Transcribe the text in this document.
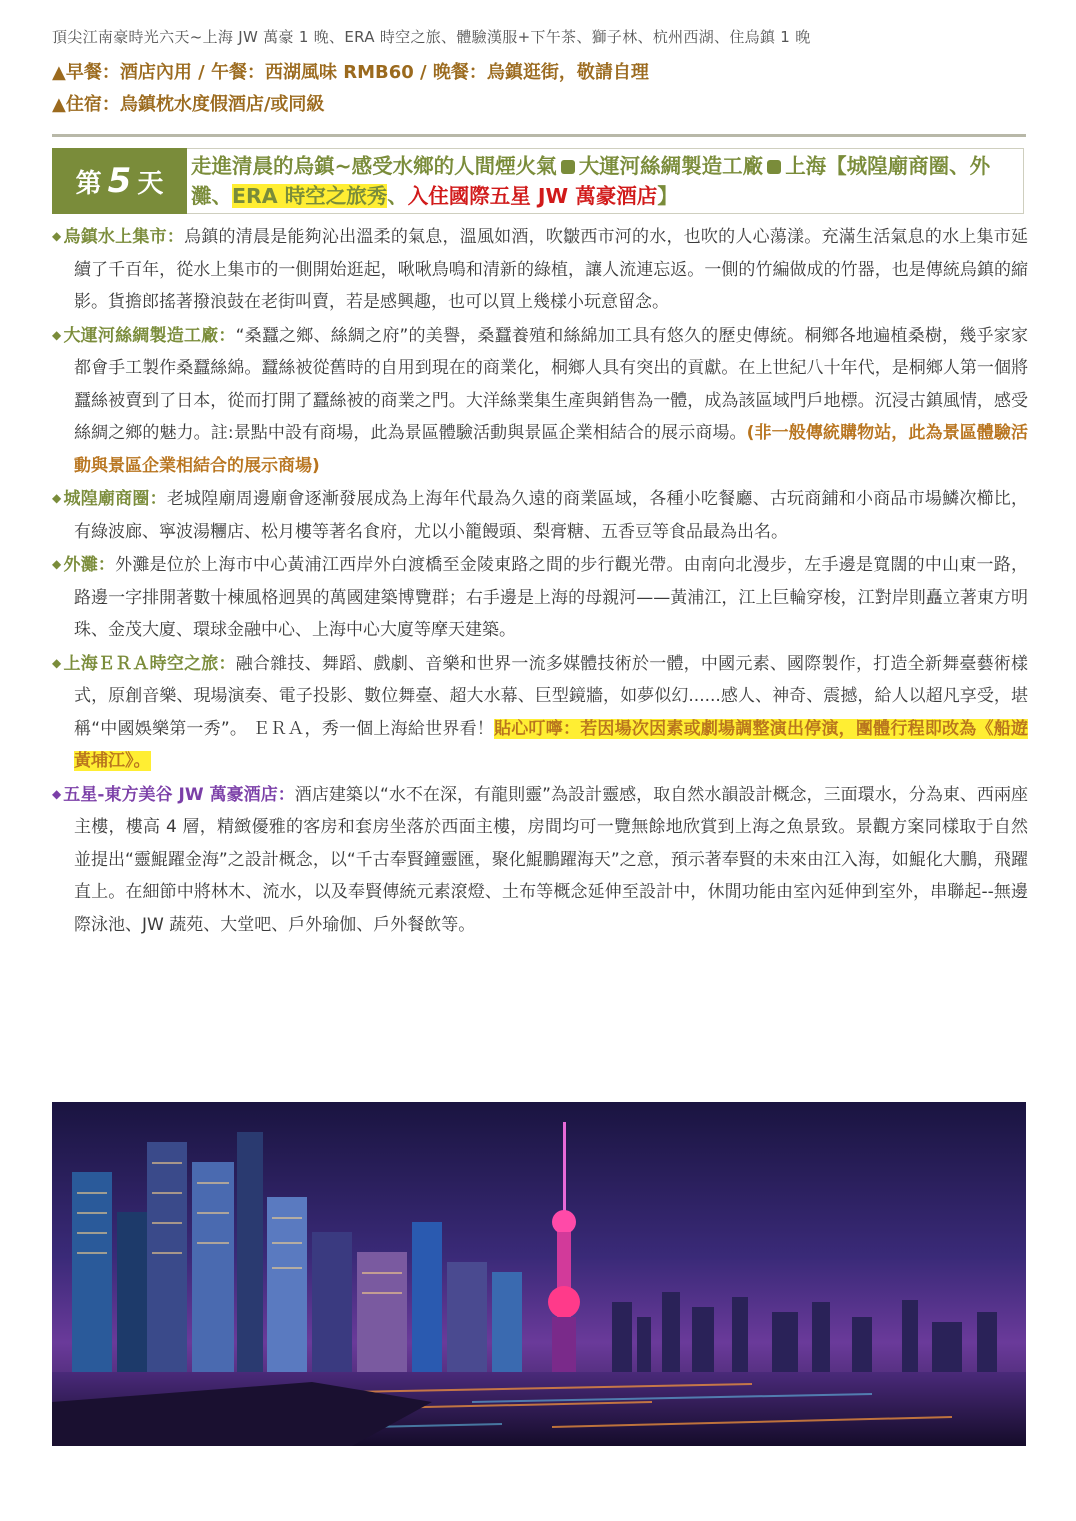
頂尖江南豪時光六天~上海 JW 萬豪 1 晚、ERA 時空之旅、體驗漢服+下午茶、獅子林、杭州西湖、住烏鎮 1 晚
▲早餐：酒店內用 / 午餐：西湖風味 RMB60 / 晚餐：烏鎮逛街，敬請自理
▲住宿：烏鎮枕水度假酒店/或同級
第 5 天
走進清晨的烏鎮~感受水鄉的人間煙火氣 大運河絲綢製造工廠 上海【城隍廟商圈、外灘、ERA 時空之旅秀、入住國際五星 JW 萬豪酒店】

◆ 烏鎮水上集市：烏鎮的清晨是能夠沁出溫柔的氣息，溫風如酒，吹皺西市河的水，也吹的人心蕩漾。充滿生活氣息的水上集市延續了千百年，從水上集市的一側開始逛起，啾啾鳥鳴和清新的綠植，讓人流連忘返。一側的竹編做成的竹器，也是傳統烏鎮的縮影。貨擔郎搖著撥浪鼓在老街叫賣，若是感興趣，也可以買上幾樣小玩意留念。

◆ 大運河絲綢製造工廠：“桑蠶之鄉、絲綢之府”的美譽，桑蠶養殖和絲綿加工具有悠久的歷史傳統。桐鄉各地遍植桑樹，幾乎家家都會手工製作桑蠶絲綿。蠶絲被從舊時的自用到現在的商業化，桐鄉人具有突出的貢獻。在上世紀八十年代，是桐鄉人第一個將蠶絲被賣到了日本，從而打開了蠶絲被的商業之門。大洋絲業集生產與銷售為一體，成為該區域門戶地標。沉浸古鎮風情，感受絲綢之鄉的魅力。註:景點中設有商場，此為景區體驗活動與景區企業相結合的展示商場。(非一般傳統購物站，此為景區體驗活動與景區企業相結合的展示商場)

◆ 城隍廟商圈：老城隍廟周邊廟會逐漸發展成為上海年代最為久遠的商業區域，各種小吃餐廳、古玩商鋪和小商品市場鱗次櫛比，有綠波廊、寧波湯糰店、松月樓等著名食府，尤以小籠饅頭、梨膏糖、五香豆等食品最為出名。

◆ 外灘：外灘是位於上海市中心黃浦江西岸外白渡橋至金陵東路之間的步行觀光帶。由南向北漫步，左手邊是寬闊的中山東一路，路邊一字排開著數十棟風格迥異的萬國建築博覽群；右手邊是上海的母親河——黃浦江，江上巨輪穿梭，江對岸則矗立著東方明珠、金茂大廈、環球金融中心、上海中心大廈等摩天建築。

◆ 上海ＥＲＡ時空之旅：融合雜技、舞蹈、戲劇、音樂和世界一流多媒體技術於一體，中國元素、國際製作，打造全新舞臺藝術樣式，原創音樂、現場演奏、電子投影、數位舞臺、超大水幕、巨型鏡牆，如夢似幻......感人、神奇、震撼，給人以超凡享受，堪稱“中國娛樂第一秀”。 ＥＲＡ，秀一個上海給世界看！貼心叮嚀：若因場次因素或劇場調整演出停演，團體行程即改為《船遊黃埔江》。

◆ 五星-東方美谷 JW 萬豪酒店：酒店建築以“水不在深，有龍則靈”為設計靈感，取自然水韻設計概念，三面環水，分為東、西兩座主樓，樓高 4 層，精緻優雅的客房和套房坐落於西面主樓，房間均可一覽無餘地欣賞到上海之魚景致。景觀方案同樣取于自然並提出“靈鯤躍金海”之設計概念，以“千古奉賢鐘靈匯，聚化鯤鵬躍海天”之意，預示著奉賢的未來由江入海，如鯤化大鵬，飛躍直上。在細節中將林木、流水，以及奉賢傳統元素滾燈、土布等概念延伸至設計中，休閒功能由室內延伸到室外，串聯起--無邊際泳池、JW 蔬苑、大堂吧、戶外瑜伽、戶外餐飲等。
